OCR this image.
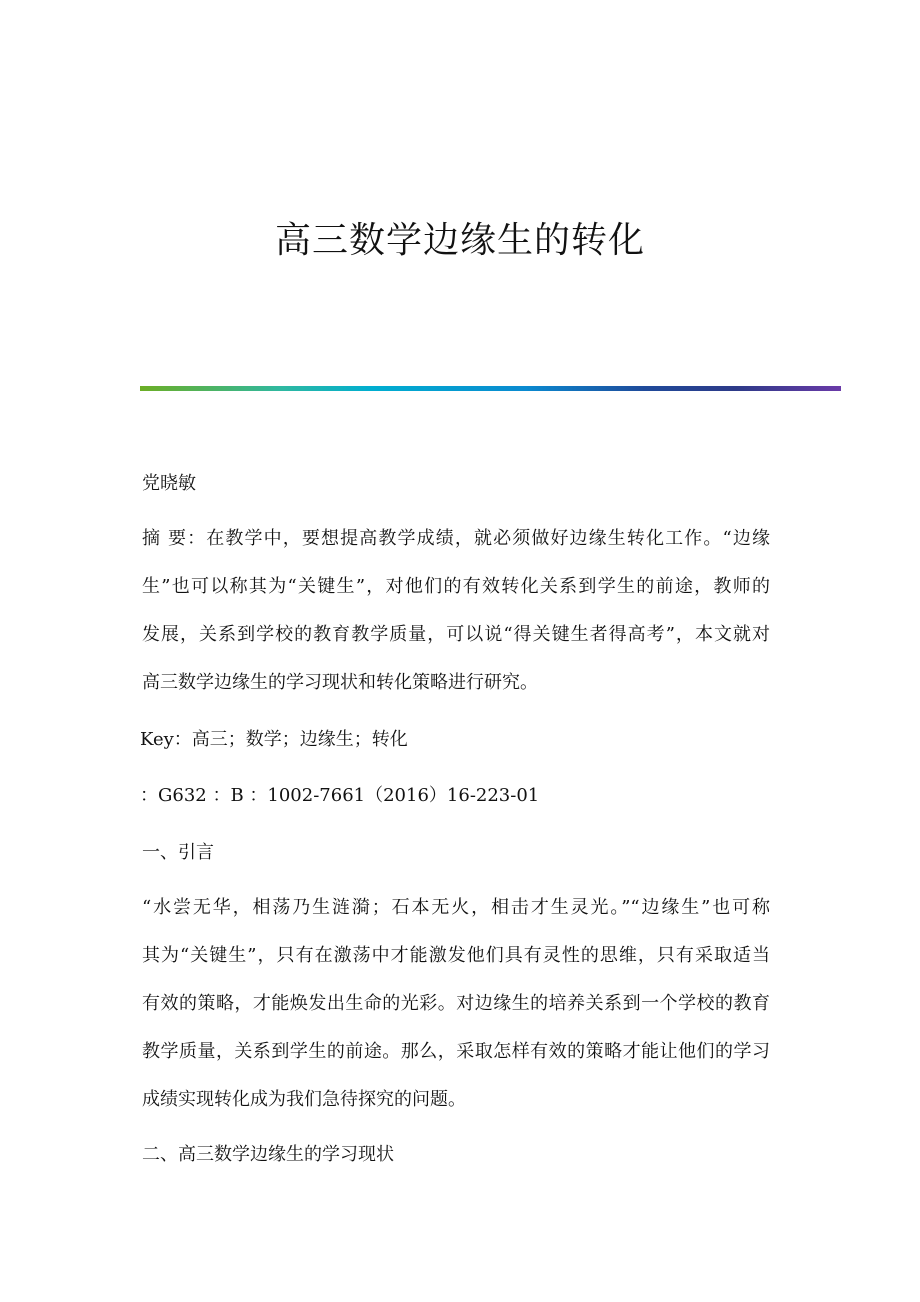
高三数学边缘生的转化
党晓敏
摘 要：在教学中，要想提高教学成绩，就必须做好边缘生转化工作。“边缘
生”也可以称其为“关键生”，对他们的有效转化关系到学生的前途，教师的
发展，关系到学校的教育教学质量，可以说“得关键生者得高考”，本文就对
高三数学边缘生的学习现状和转化策略进行研究。
Key：高三；数学；边缘生；转化
：G632 ：B ：1002-7661（2016）16-223-01
一、引言
“水尝无华，相荡乃生涟漪；石本无火，相击才生灵光。”“边缘生”也可称
其为“关键生”，只有在激荡中才能激发他们具有灵性的思维，只有采取适当
有效的策略，才能焕发出生命的光彩。对边缘生的培养关系到一个学校的教育
教学质量，关系到学生的前途。那么，采取怎样有效的策略才能让他们的学习
成绩实现转化成为我们急待探究的问题。
二、高三数学边缘生的学习现状
